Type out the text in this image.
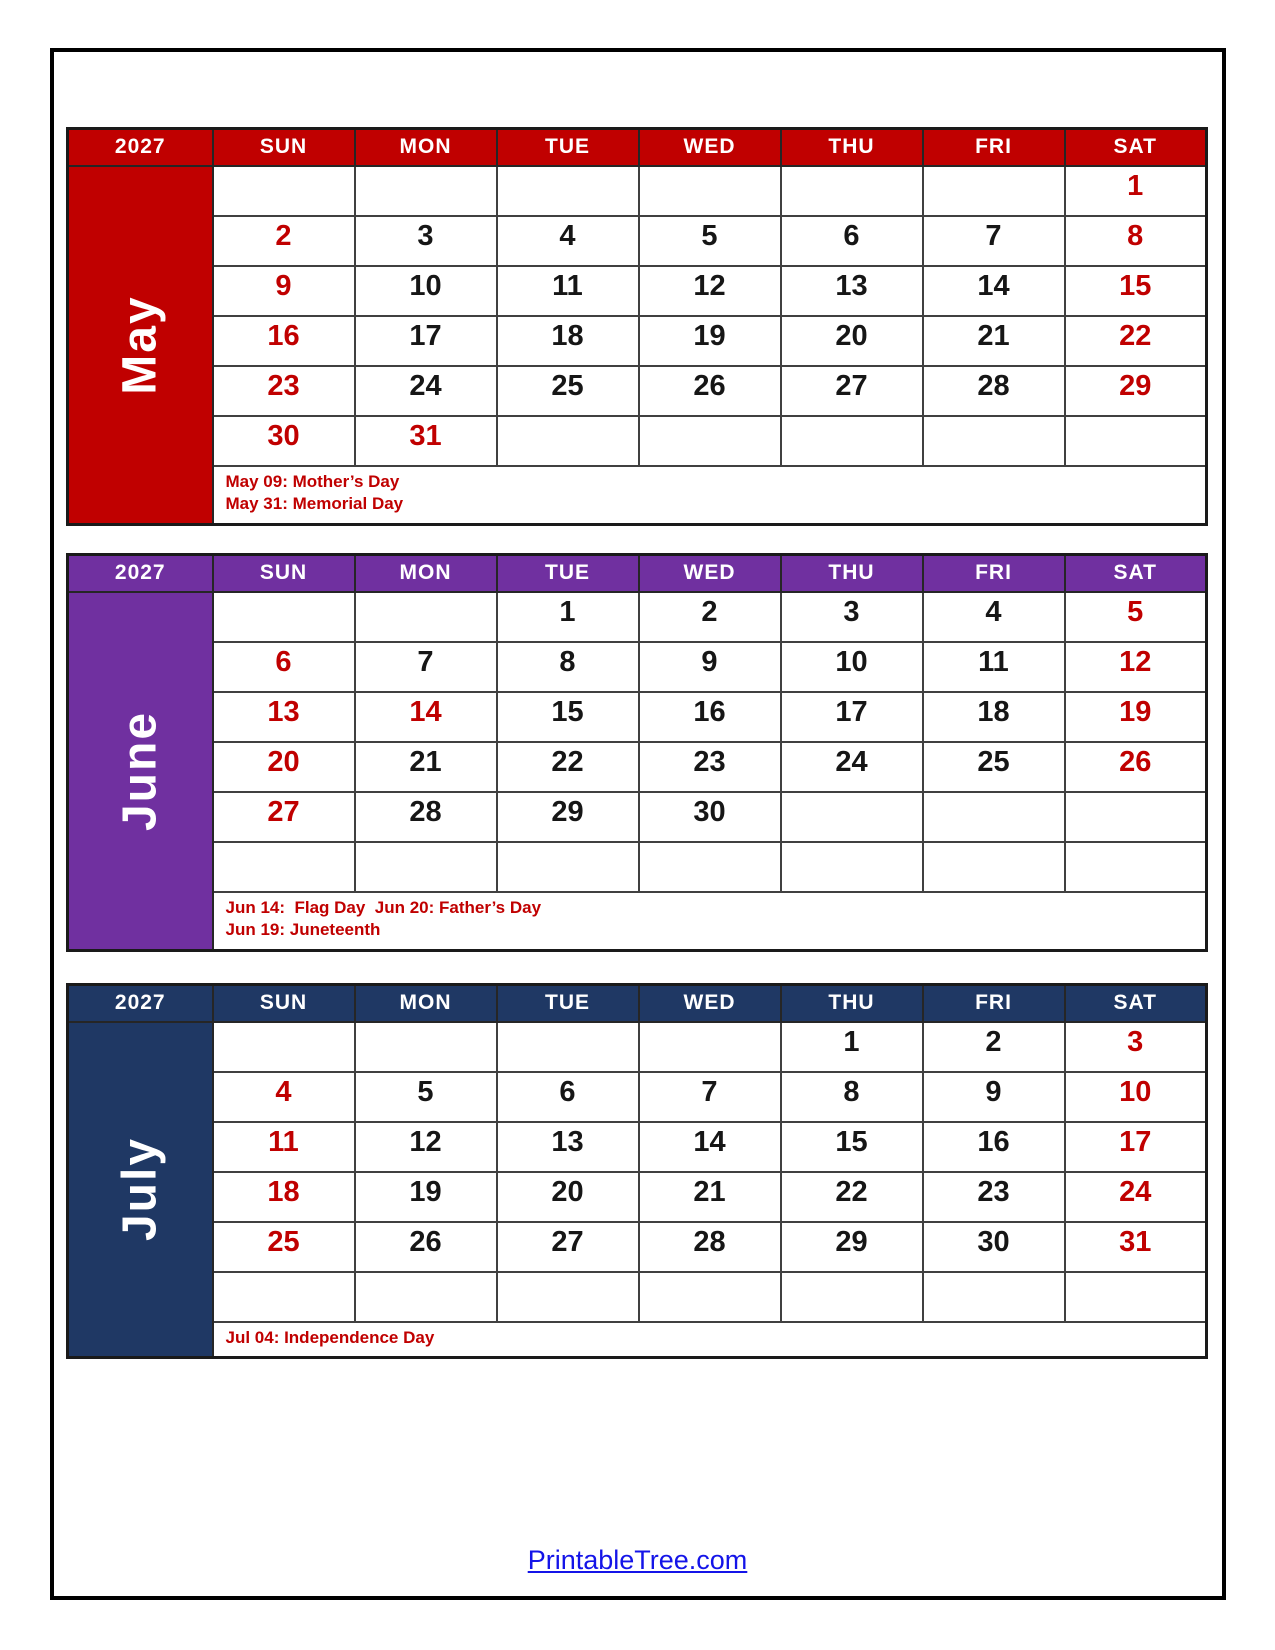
2027	SUN	MON	TUE	WED	THU	FRI	SAT

May							1
	2	3	4	5	6	7	8
	9	10	11	12	13	14	15
	16	17	18	19	20	21	22
	23	24	25	26	27	28	29
	30	31					

	May 09: Mother’s Day
May 31: Memorial Day						
2027	SUN	MON	TUE	WED	THU	FRI	SAT

June			1	2	3	4	5
	6	7	8	9	10	11	12
	13	14	15	16	17	18	19
	20	21	22	23	24	25	26
	27	28	29	30			

	Jun 14:  Flag Day  Jun 20: Father’s Day
Jun 19: Juneteenth						
2027	SUN	MON	TUE	WED	THU	FRI	SAT

July					1	2	3
	4	5	6	7	8	9	10
	11	12	13	14	15	16	17
	18	19	20	21	22	23	24
	25	26	27	28	29	30	31

	Jul 04: Independence Day						
PrintableTree.com
